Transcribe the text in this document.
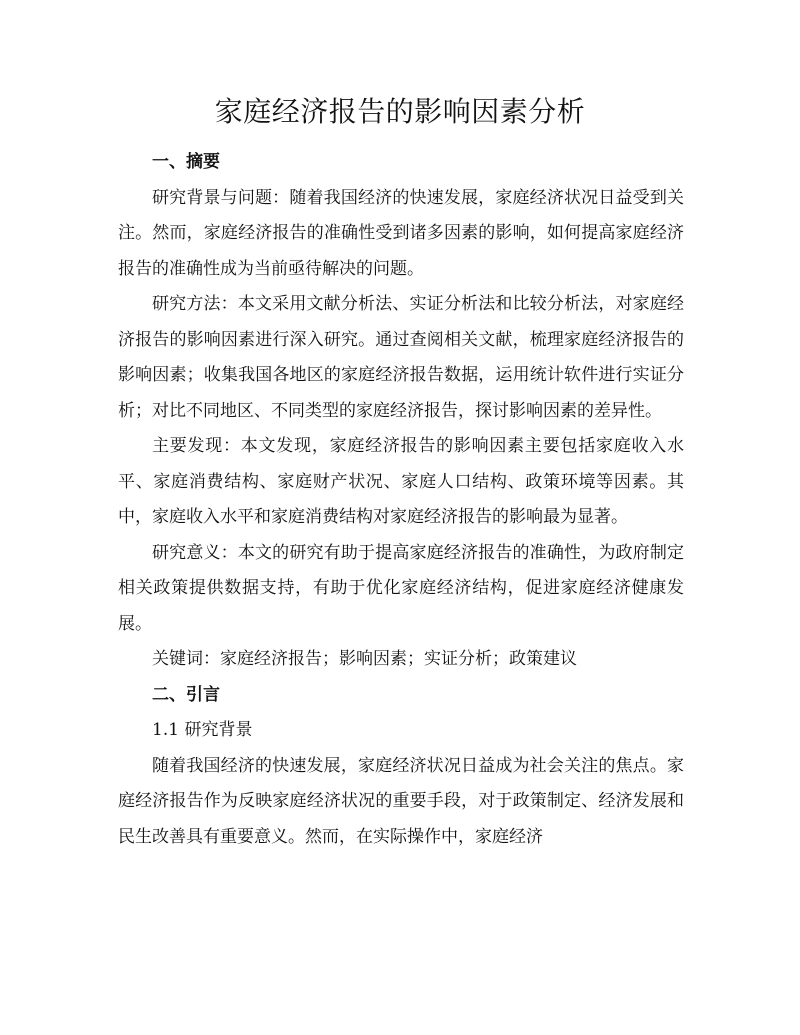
家庭经济报告的影响因素分析

一、摘要

研究背景与问题：随着我国经济的快速发展，家庭经济状况日益受到关注。然而，家庭经济报告的准确性受到诸多因素的影响，如何提高家庭经济报告的准确性成为当前亟待解决的问题。

研究方法：本文采用文献分析法、实证分析法和比较分析法，对家庭经济报告的影响因素进行深入研究。通过查阅相关文献，梳理家庭经济报告的影响因素；收集我国各地区的家庭经济报告数据，运用统计软件进行实证分析；对比不同地区、不同类型的家庭经济报告，探讨影响因素的差异性。

主要发现：本文发现，家庭经济报告的影响因素主要包括家庭收入水平、家庭消费结构、家庭财产状况、家庭人口结构、政策环境等因素。其中，家庭收入水平和家庭消费结构对家庭经济报告的影响最为显著。

研究意义：本文的研究有助于提高家庭经济报告的准确性，为政府制定相关政策提供数据支持，有助于优化家庭经济结构，促进家庭经济健康发展。

关键词：家庭经济报告；影响因素；实证分析；政策建议

二、引言

1.1 研究背景

随着我国经济的快速发展，家庭经济状况日益成为社会关注的焦点。家庭经济报告作为反映家庭经济状况的重要手段，对于政策制定、经济发展和民生改善具有重要意义。然而，在实际操作中，家庭经济
